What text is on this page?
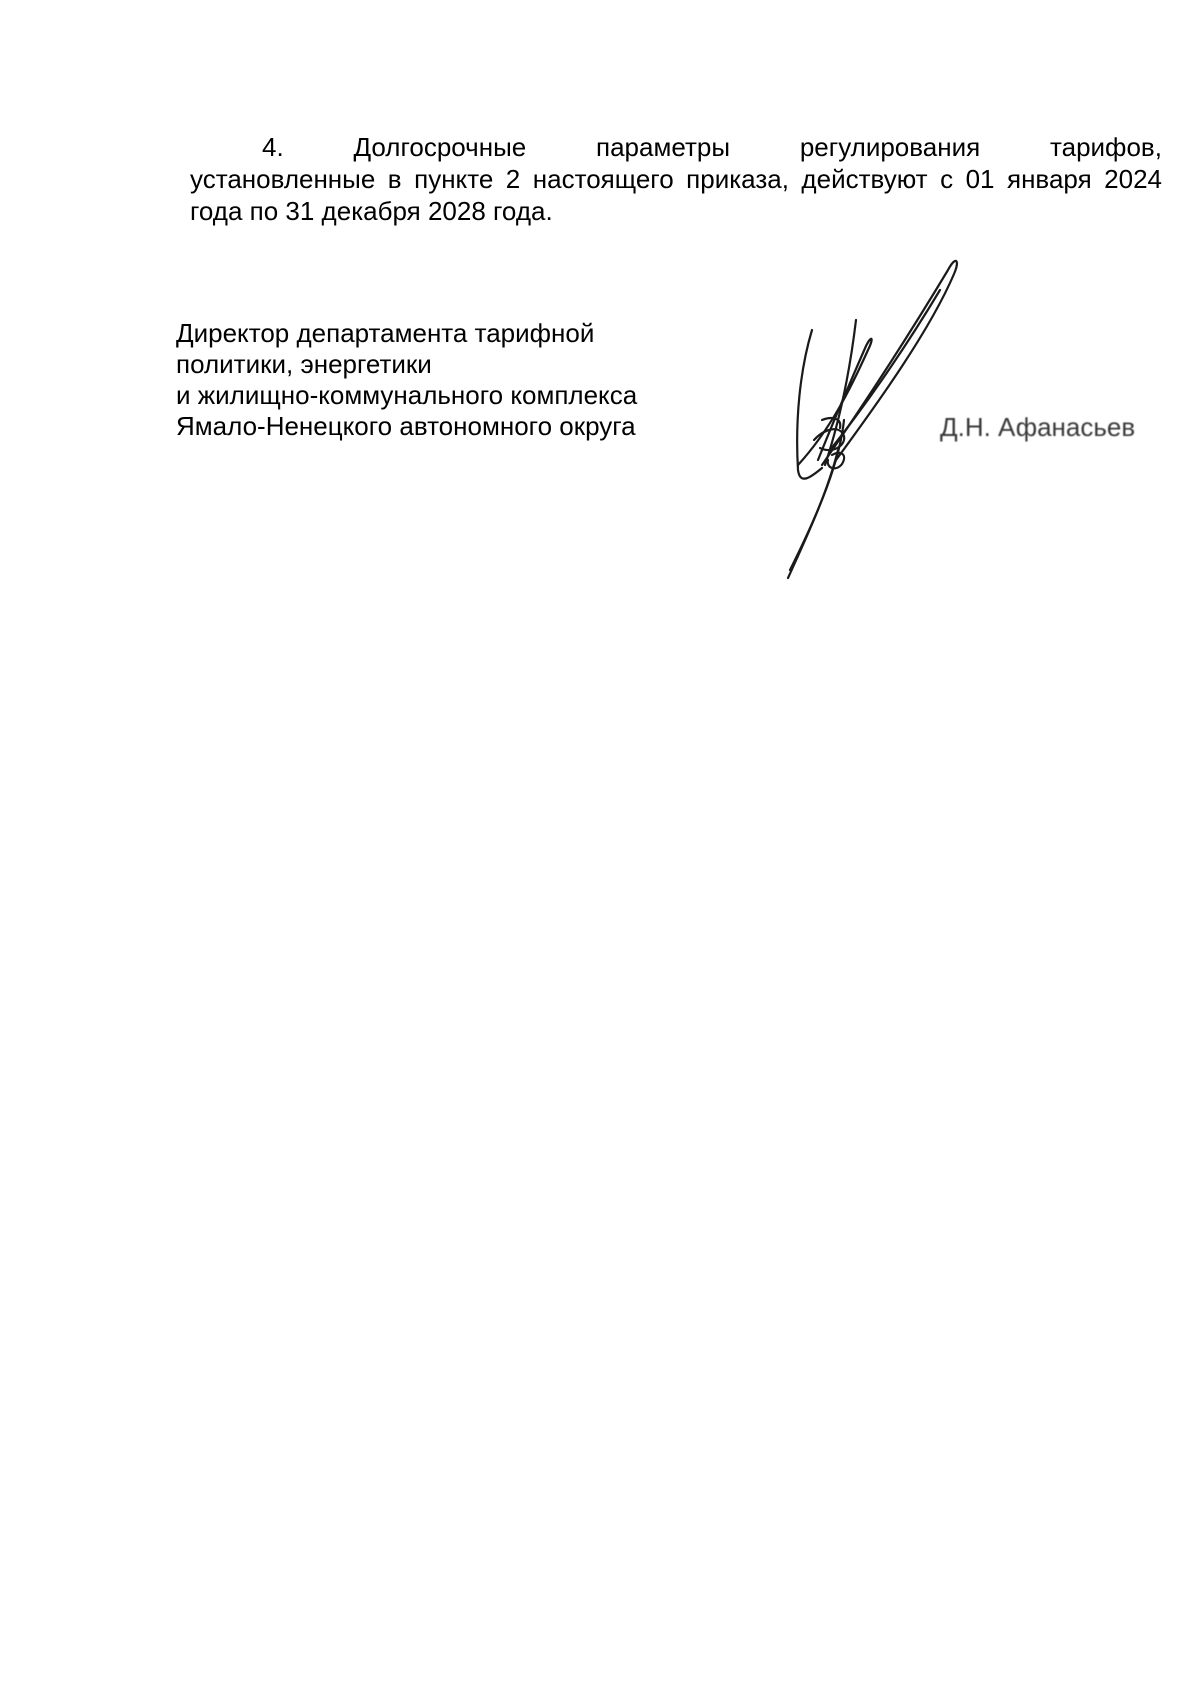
4.	Долгосрочные	параметры	регулирования	тарифов,
установленные в пункте 2 настоящего приказа, действуют с 01 января 2024 года по 31 декабря 2028 года.
Директор департамента тарифной
политики, энергетики
и жилищно-коммунального комплекса
Ямало-Ненецкого автономного округа	Д.Н. Афанасьев
